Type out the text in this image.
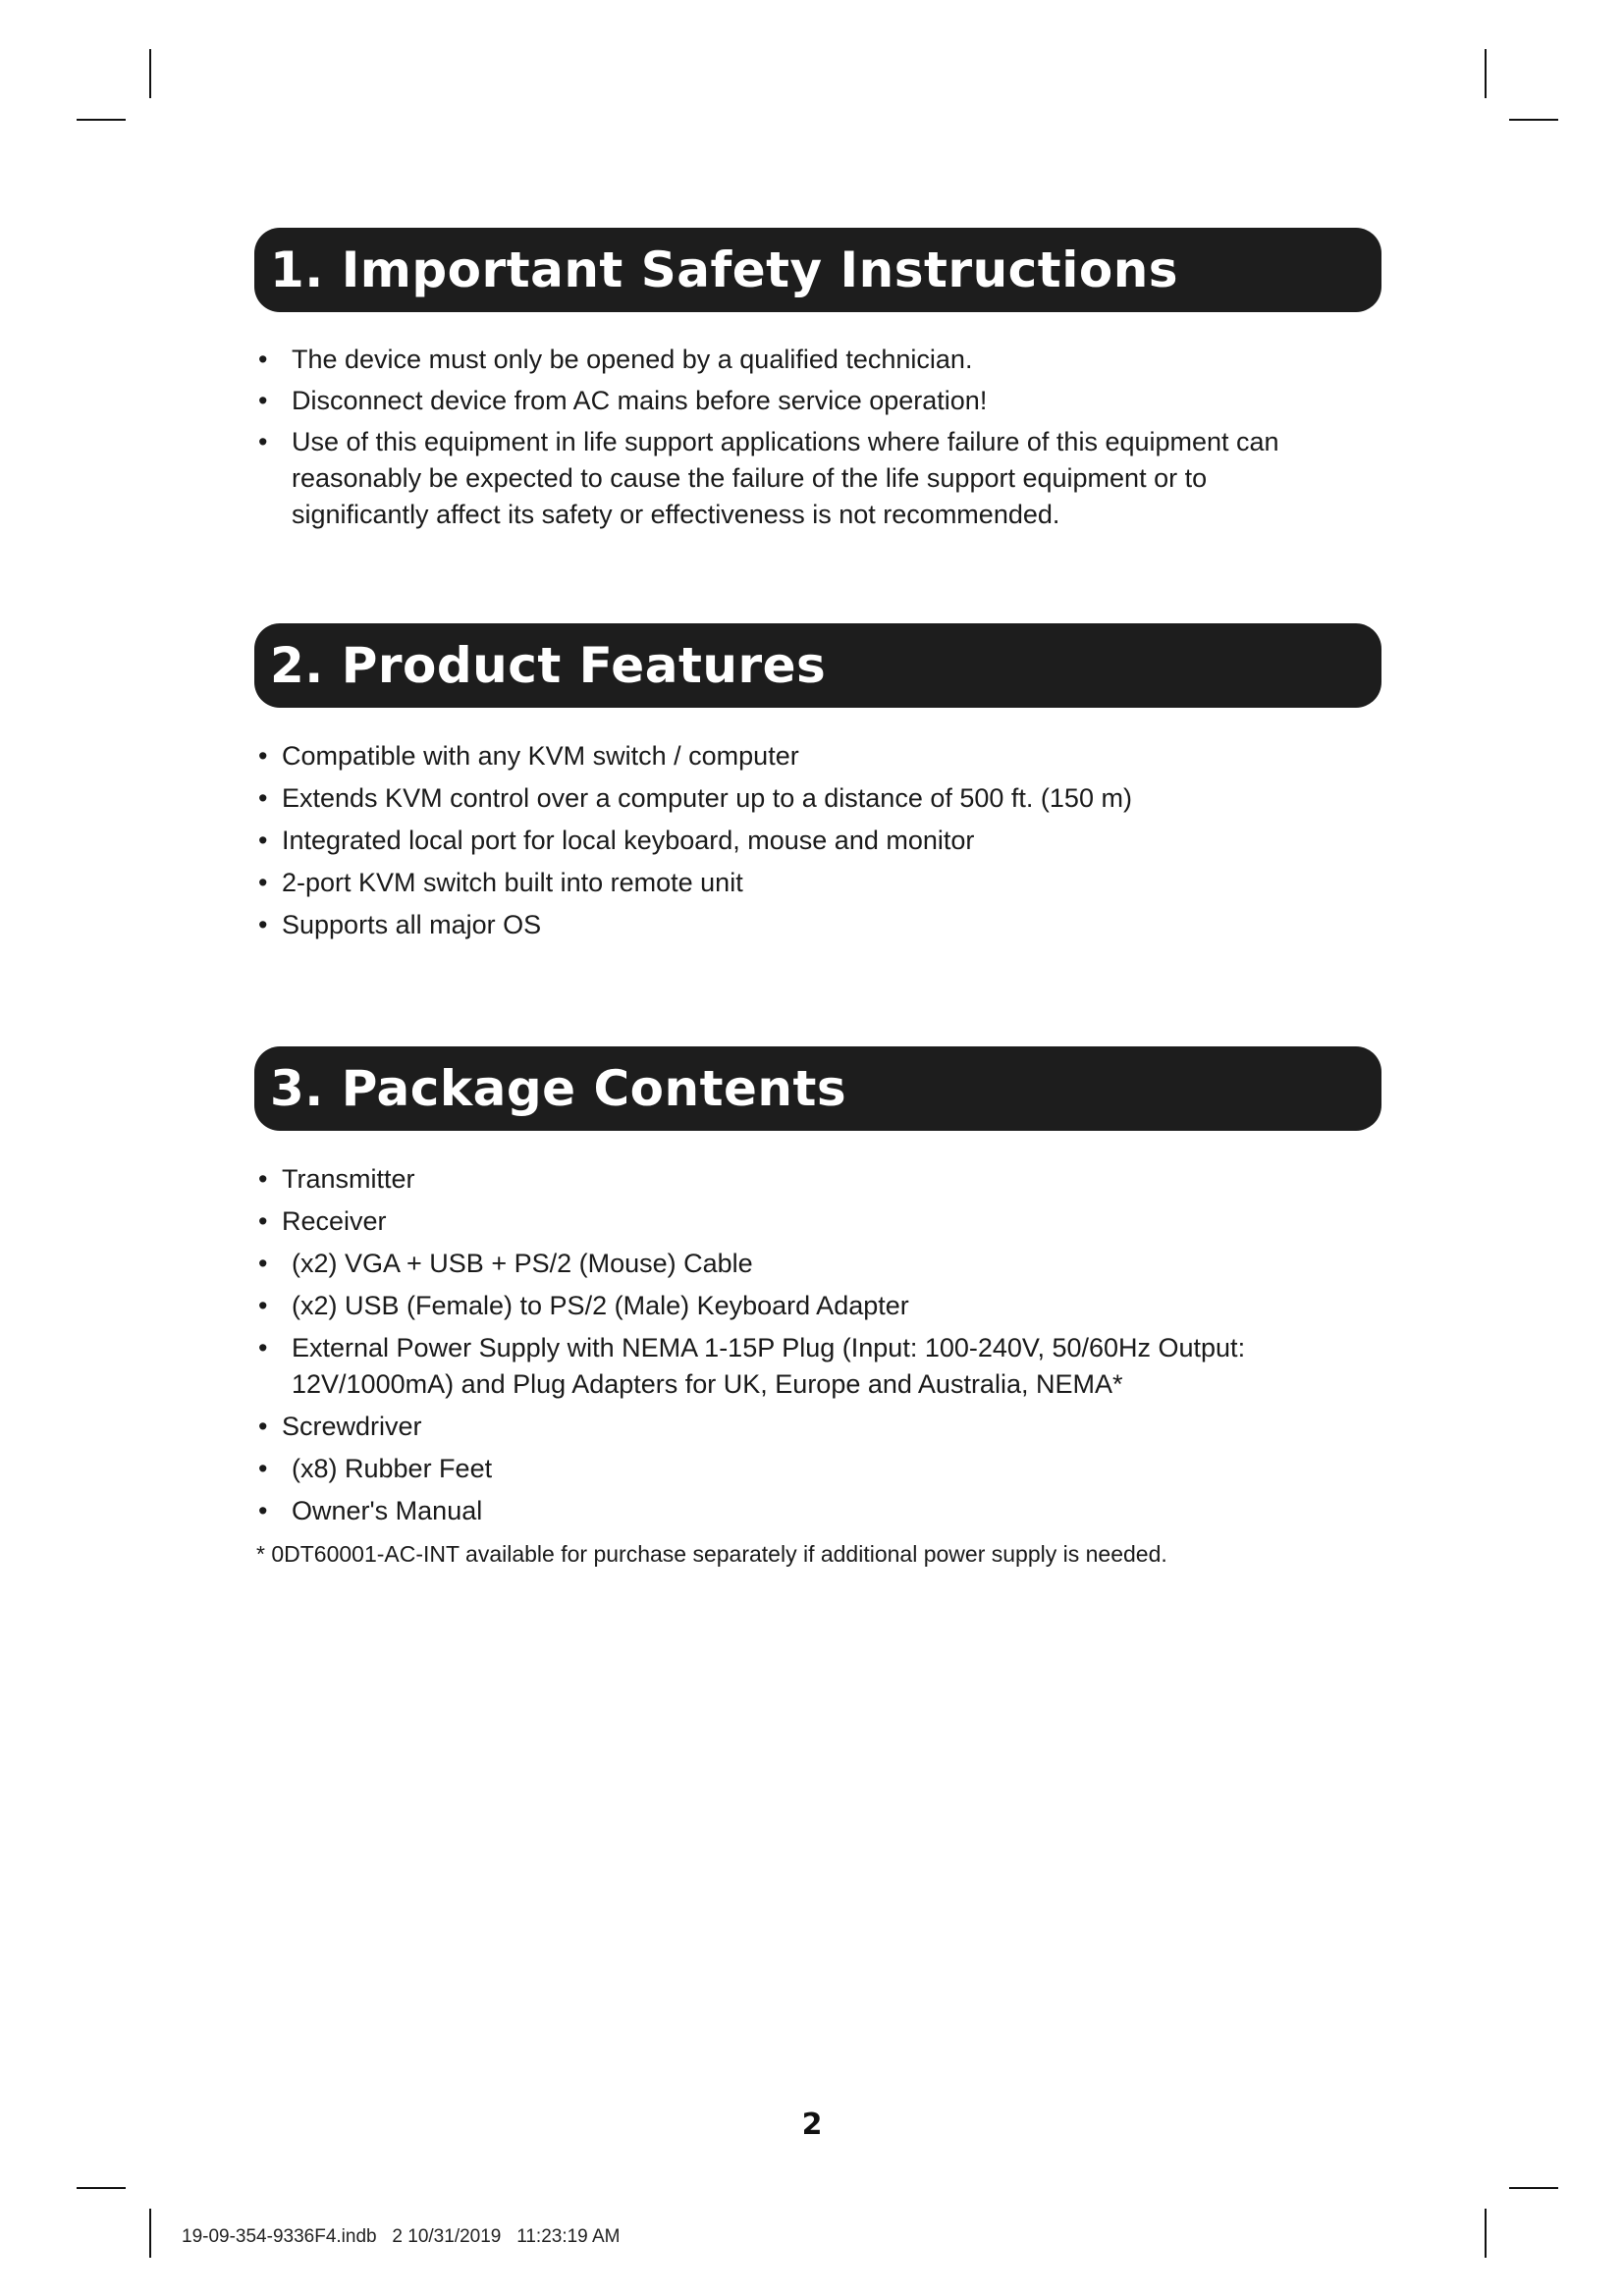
1. Important Safety Instructions
• The device must only be opened by a qualified technician.
• Disconnect device from AC mains before service operation!
• Use of this equipment in life support applications where failure of this equipment can reasonably be expected to cause the failure of the life support equipment or to significantly affect its safety or effectiveness is not recommended.
2. Product Features
• Compatible with any KVM switch / computer
• Extends KVM control over a computer up to a distance of 500 ft. (150 m)
• Integrated local port for local keyboard, mouse and monitor
• 2-port KVM switch built into remote unit
• Supports all major OS
3. Package Contents
• Transmitter
• Receiver
• (x2) VGA + USB + PS/2 (Mouse) Cable
• (x2) USB (Female) to PS/2 (Male) Keyboard Adapter
• External Power Supply with NEMA 1-15P Plug (Input: 100-240V, 50/60Hz Output: 12V/1000mA) and Plug Adapters for UK, Europe and Australia, NEMA*
• Screwdriver
• (x8) Rubber Feet
• Owner's Manual
* 0DT60001-AC-INT available for purchase separately if additional power supply is needed.
2
19-09-354-9336F4.indb   2 10/31/2019   11:23:19 AM
